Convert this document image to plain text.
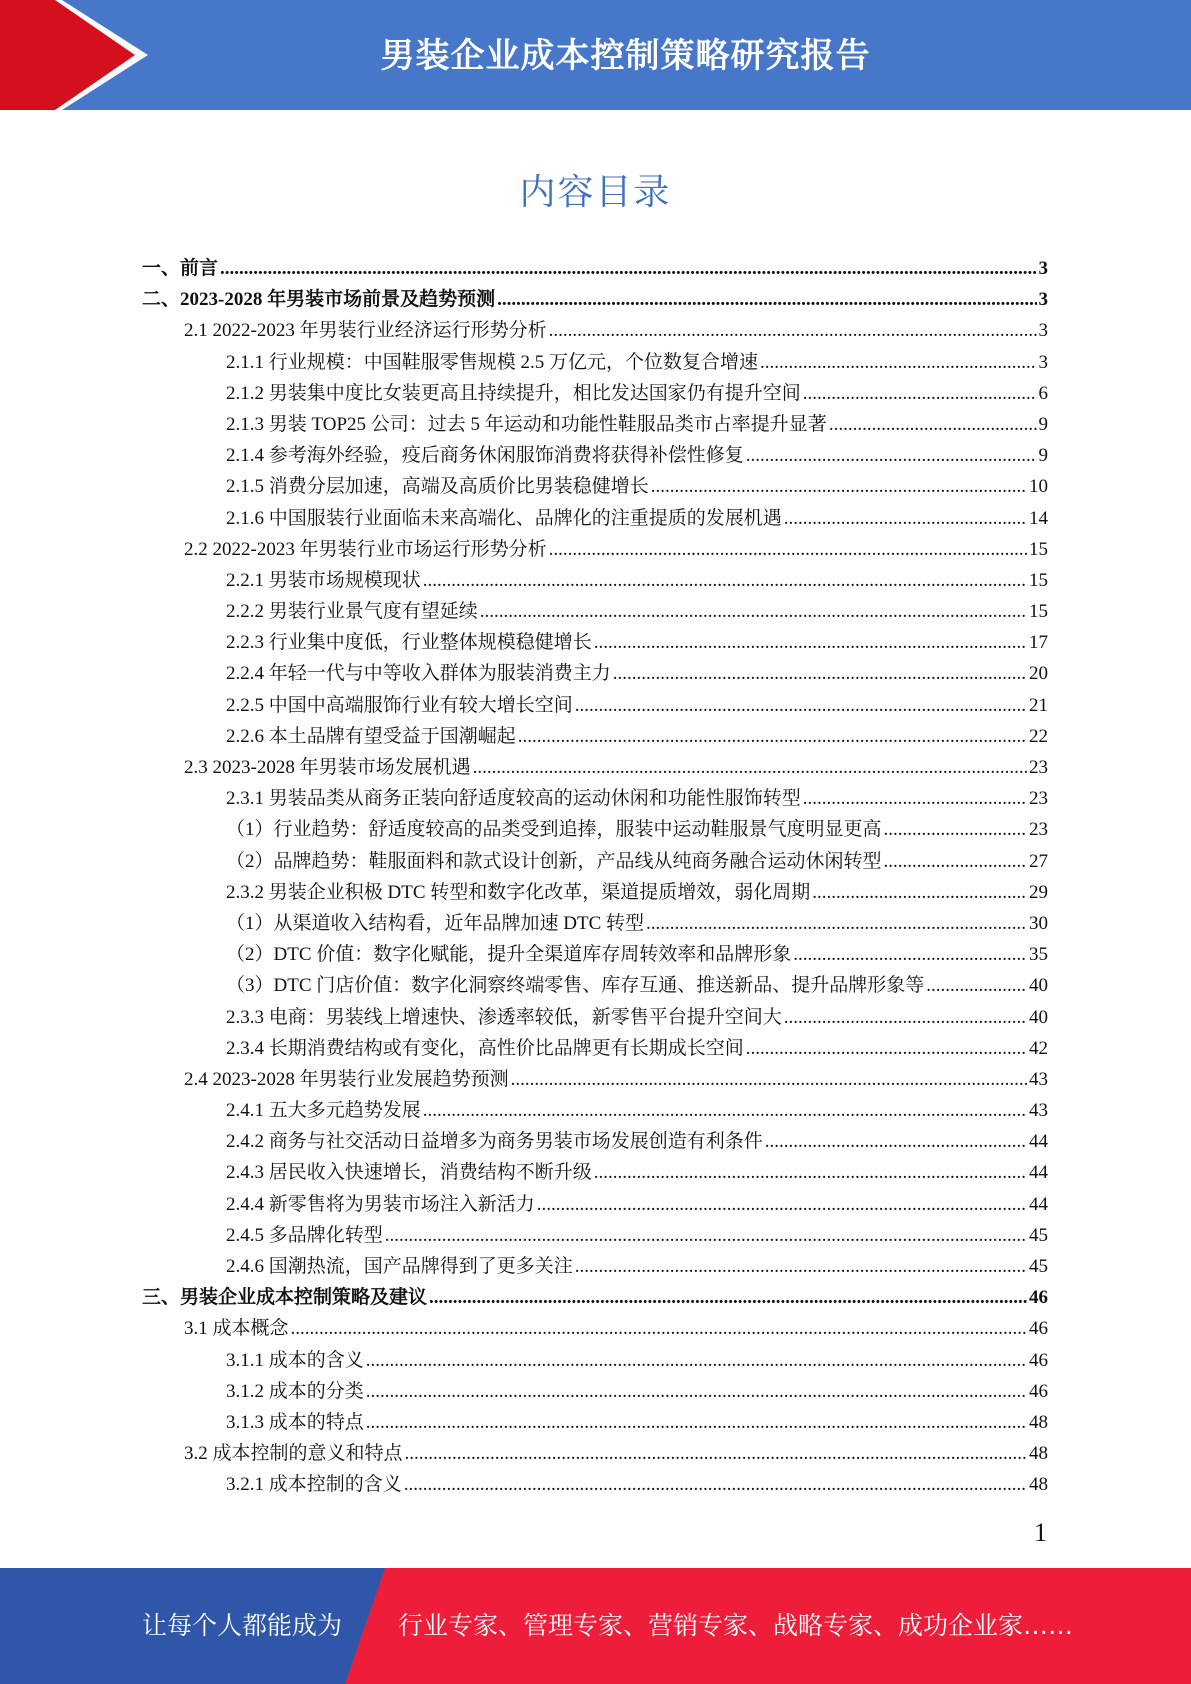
男装企业成本控制策略研究报告
内容目录
一、前言 .....	3
二、2023-2028 年男装市场前景及趋势预测 .....	3
2.1 2022-2023 年男装行业经济运行形势分析 .....	3
2.1.1 行业规模：中国鞋服零售规模 2.5 万亿元，个位数复合增速 .....	3
2.1.2 男装集中度比女装更高且持续提升，相比发达国家仍有提升空间 .....	6
2.1.3 男装 TOP25 公司：过去 5 年运动和功能性鞋服品类市占率提升显著 .....	9
2.1.4 参考海外经验，疫后商务休闲服饰消费将获得补偿性修复 .....	9
2.1.5 消费分层加速，高端及高质价比男装稳健增长 .....	10
2.1.6 中国服装行业面临未来高端化、品牌化的注重提质的发展机遇 .....	14
2.2 2022-2023 年男装行业市场运行形势分析 .....	15
2.2.1 男装市场规模现状 .....	15
2.2.2 男装行业景气度有望延续 .....	15
2.2.3 行业集中度低，行业整体规模稳健增长 .....	17
2.2.4 年轻一代与中等收入群体为服装消费主力 .....	20
2.2.5 中国中高端服饰行业有较大增长空间 .....	21
2.2.6 本土品牌有望受益于国潮崛起 .....	22
2.3 2023-2028 年男装市场发展机遇 .....	23
2.3.1 男装品类从商务正装向舒适度较高的运动休闲和功能性服饰转型 .....	23
（1）行业趋势：舒适度较高的品类受到追捧，服装中运动鞋服景气度明显更高 .....	23
（2）品牌趋势：鞋服面料和款式设计创新，产品线从纯商务融合运动休闲转型 .....	27
2.3.2 男装企业积极 DTC 转型和数字化改革，渠道提质增效，弱化周期 .....	29
（1）从渠道收入结构看，近年品牌加速 DTC 转型 .....	30
（2）DTC 价值：数字化赋能，提升全渠道库存周转效率和品牌形象 .....	35
（3）DTC 门店价值：数字化洞察终端零售、库存互通、推送新品、提升品牌形象等 .....	40
2.3.3 电商：男装线上增速快、渗透率较低，新零售平台提升空间大 .....	40
2.3.4 长期消费结构或有变化，高性价比品牌更有长期成长空间 .....	42
2.4 2023-2028 年男装行业发展趋势预测 .....	43
2.4.1 五大多元趋势发展 .....	43
2.4.2 商务与社交活动日益增多为商务男装市场发展创造有利条件 .....	44
2.4.3 居民收入快速增长，消费结构不断升级 .....	44
2.4.4 新零售将为男装市场注入新活力 .....	44
2.4.5 多品牌化转型 .....	45
2.4.6 国潮热流，国产品牌得到了更多关注 .....	45
三、男装企业成本控制策略及建议 .....	46
3.1 成本概念 .....	46
3.1.1 成本的含义 .....	46
3.1.2 成本的分类 .....	46
3.1.3 成本的特点 .....	48
3.2 成本控制的意义和特点 .....	48
3.2.1 成本控制的含义 .....	48
1
让每个人都能成为 行业专家、管理专家、营销专家、战略专家、成功企业家……
